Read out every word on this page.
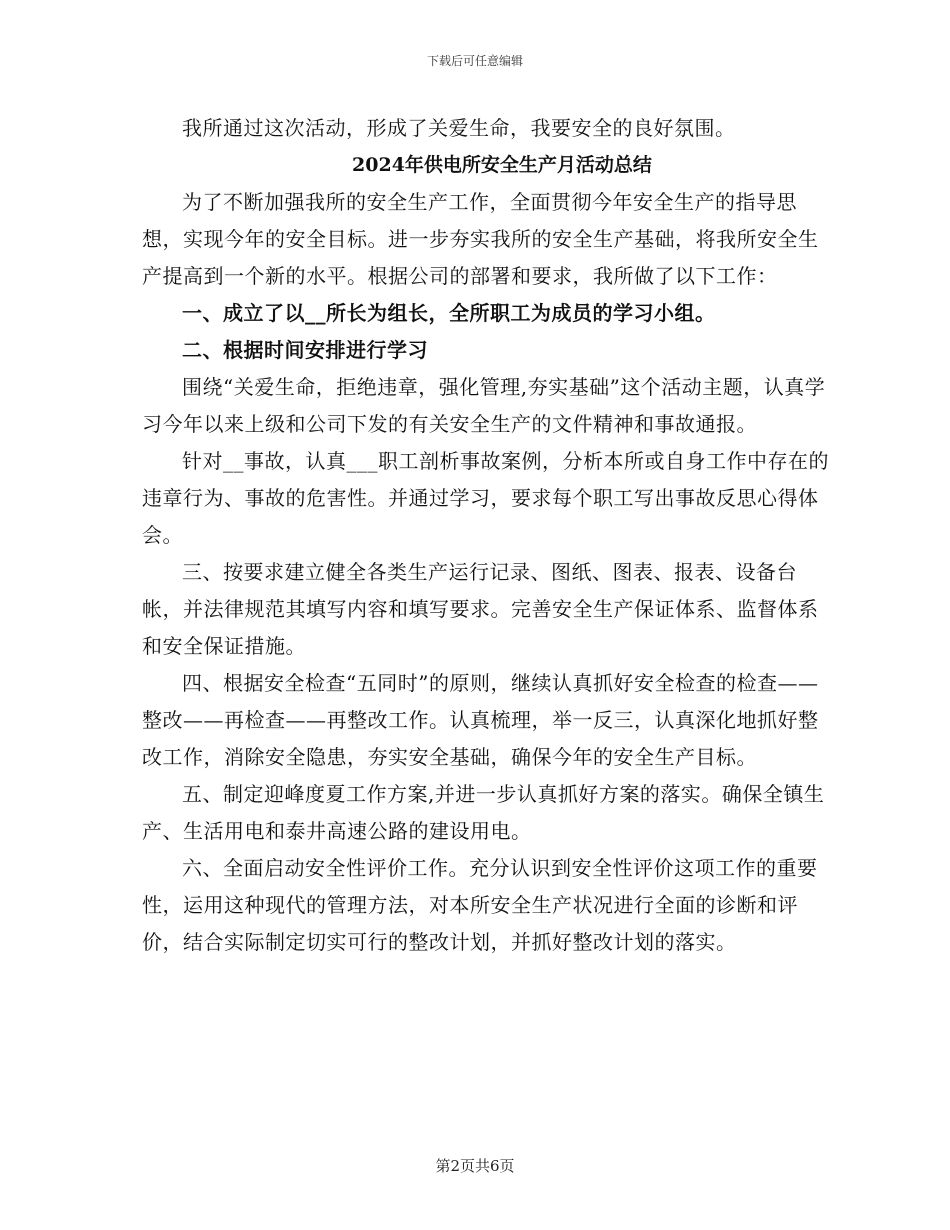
下载后可任意编辑

我所通过这次活动，形成了关爱生命，我要安全的良好氛围。

2024年供电所安全生产月活动总结

为了不断加强我所的安全生产工作，全面贯彻今年安全生产的指导思想，实现今年的安全目标。进一步夯实我所的安全生产基础，将我所安全生产提高到一个新的水平。根据公司的部署和要求，我所做了以下工作：

一、成立了以__所长为组长，全所职工为成员的学习小组。

二、根据时间安排进行学习

围绕“关爱生命，拒绝违章，强化管理,夯实基础”这个活动主题，认真学习今年以来上级和公司下发的有关安全生产的文件精神和事故通报。

针对__事故，认真___职工剖析事故案例，分析本所或自身工作中存在的违章行为、事故的危害性。并通过学习，要求每个职工写出事故反思心得体会。

三、按要求建立健全各类生产运行记录、图纸、图表、报表、设备台帐，并法律规范其填写内容和填写要求。完善安全生产保证体系、监督体系和安全保证措施。

四、根据安全检查“五同时”的原则，继续认真抓好安全检查的检查——整改——再检查——再整改工作。认真梳理，举一反三，认真深化地抓好整改工作，消除安全隐患，夯实安全基础，确保今年的安全生产目标。

五、制定迎峰度夏工作方案,并进一步认真抓好方案的落实。确保全镇生产、生活用电和泰井高速公路的建设用电。

六、全面启动安全性评价工作。充分认识到安全性评价这项工作的重要性，运用这种现代的管理方法，对本所安全生产状况进行全面的诊断和评价，结合实际制定切实可行的整改计划，并抓好整改计划的落实。

第2页共6页
